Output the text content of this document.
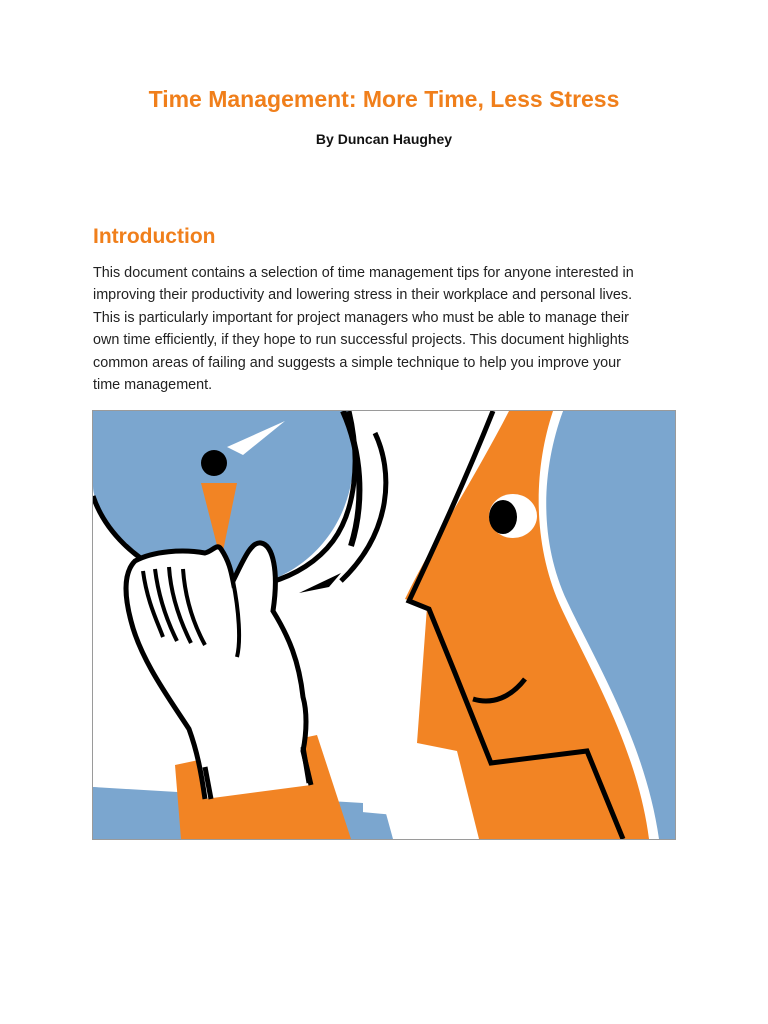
Time Management: More Time, Less Stress

By Duncan Haughey

Introduction

This document contains a selection of time management tips for anyone interested in
improving their productivity and lowering stress in their workplace and personal lives.
This is particularly important for project managers who must be able to manage their
own time efficiently, if they hope to run successful projects. This document highlights
common areas of failing and suggests a simple technique to help you improve your
time management.
